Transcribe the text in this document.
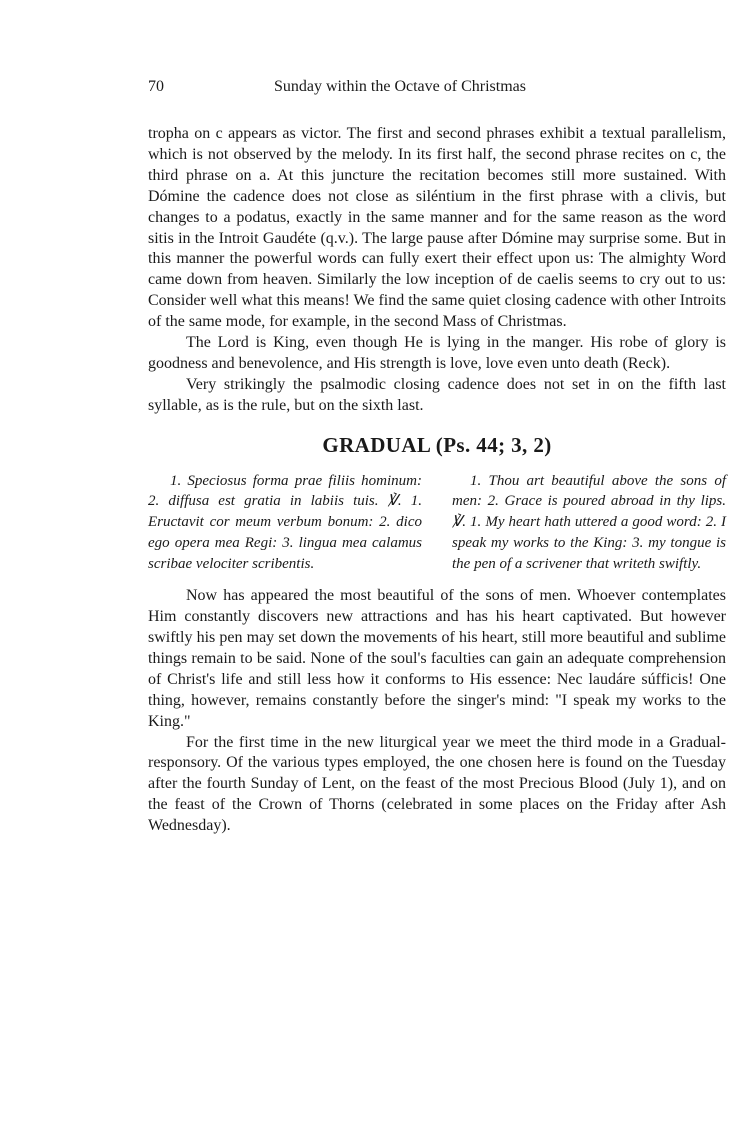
70	Sunday within the Octave of Christmas

tropha on c appears as victor. The first and second phrases exhibit a textual parallelism, which is not observed by the melody. In its first half, the second phrase recites on c, the third phrase on a. At this juncture the recitation becomes still more sustained. With Dómine the cadence does not close as siléntium in the first phrase with a clivis, but changes to a podatus, exactly in the same manner and for the same reason as the word sitis in the Introit Gaudéte (q.v.). The large pause after Dómine may surprise some. But in this manner the powerful words can fully exert their effect upon us: The almighty Word came down from heaven. Similarly the low inception of de caelis seems to cry out to us: Consider well what this means! We find the same quiet closing cadence with other Introits of the same mode, for example, in the second Mass of Christmas.

The Lord is King, even though He is lying in the manger. His robe of glory is goodness and benevolence, and His strength is love, love even unto death (Reck).

Very strikingly the psalmodic closing cadence does not set in on the fifth last syllable, as is the rule, but on the sixth last.

GRADUAL (Ps. 44; 3, 2)

1. Speciosus forma prae filiis hominum: 2. diffusa est gratia in labiis tuis. ℣. 1. Eructavit cor meum verbum bonum: 2. dico ego opera mea Regi: 3. lingua mea calamus scribae velociter scribentis.

1. Thou art beautiful above the sons of men: 2. Grace is poured abroad in thy lips. ℣. 1. My heart hath uttered a good word: 2. I speak my works to the King: 3. my tongue is the pen of a scrivener that writeth swiftly.

Now has appeared the most beautiful of the sons of men. Whoever contemplates Him constantly discovers new attractions and has his heart captivated. But however swiftly his pen may set down the movements of his heart, still more beautiful and sublime things remain to be said. None of the soul's faculties can gain an adequate comprehension of Christ's life and still less how it conforms to His essence: Nec laudáre súfficis! One thing, however, remains constantly before the singer's mind: "I speak my works to the King."

For the first time in the new liturgical year we meet the third mode in a Gradual-responsory. Of the various types employed, the one chosen here is found on the Tuesday after the fourth Sunday of Lent, on the feast of the most Precious Blood (July 1), and on the feast of the Crown of Thorns (celebrated in some places on the Friday after Ash Wednesday).
